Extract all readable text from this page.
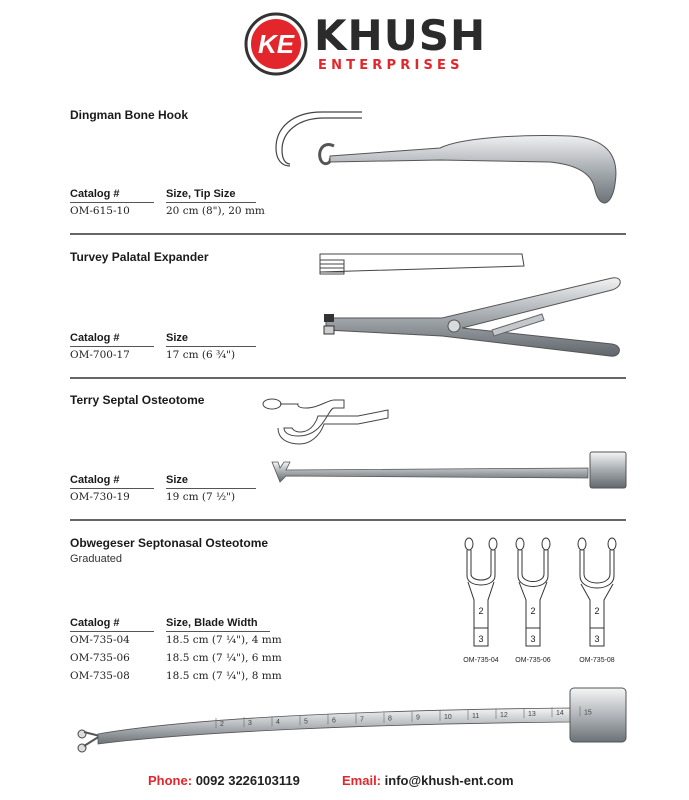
KE KHUSH
ENTERPRISES
Dingman Bone Hook
Catalog #	Size, Tip Size
OM-615-10	20 cm (8"), 20 mm
Turvey Palatal Expander
Catalog #	Size
OM-700-17	17 cm (6 ¾")
Terry Septal Osteotome
Catalog #	Size
OM-730-19	19 cm (7 ½")
Obwegeser Septonasal Osteotome
Graduated
Catalog #	Size, Blade Width
OM-735-04	18.5 cm (7 ¼"), 4 mm
OM-735-06	18.5 cm (7 ¼"), 6 mm
OM-735-08	18.5 cm (7 ¼"), 8 mm
2
3
OM-735-04
2
3
OM-735-06
2
3
OM-735-08
2	3	4	5	6	7	8	9	10	11	12	13	14	15
Phone: 0092 3226103119	Email: info@khush-ent.com
